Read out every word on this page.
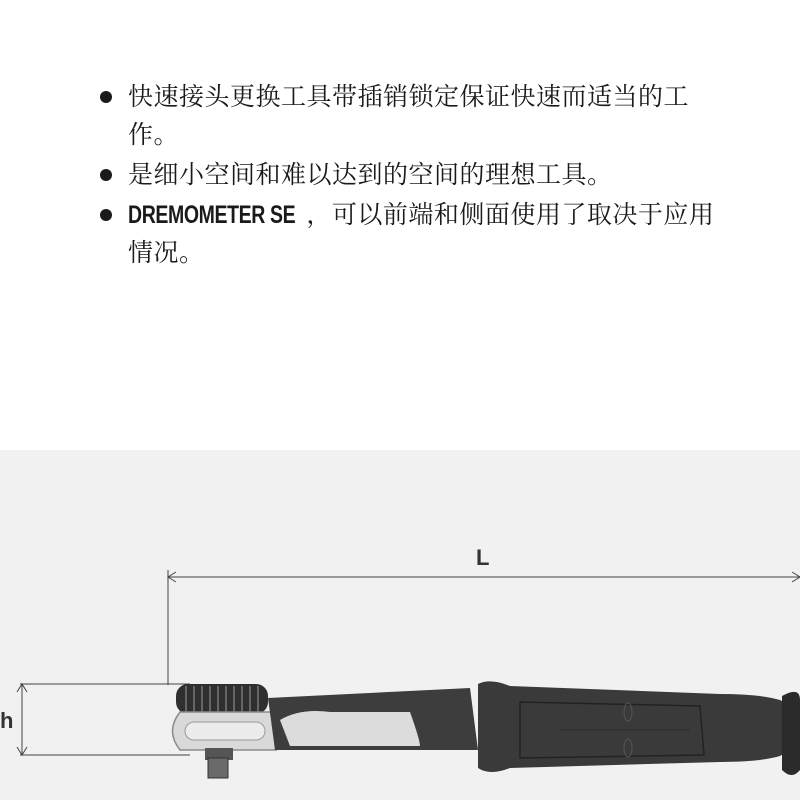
快速接头更换工具带插销锁定保证快速而适当的工作。
是细小空间和难以达到的空间的理想工具。
DREMOMETER SE ，可以前端和侧面使用了取决于应用情况。
L
h
